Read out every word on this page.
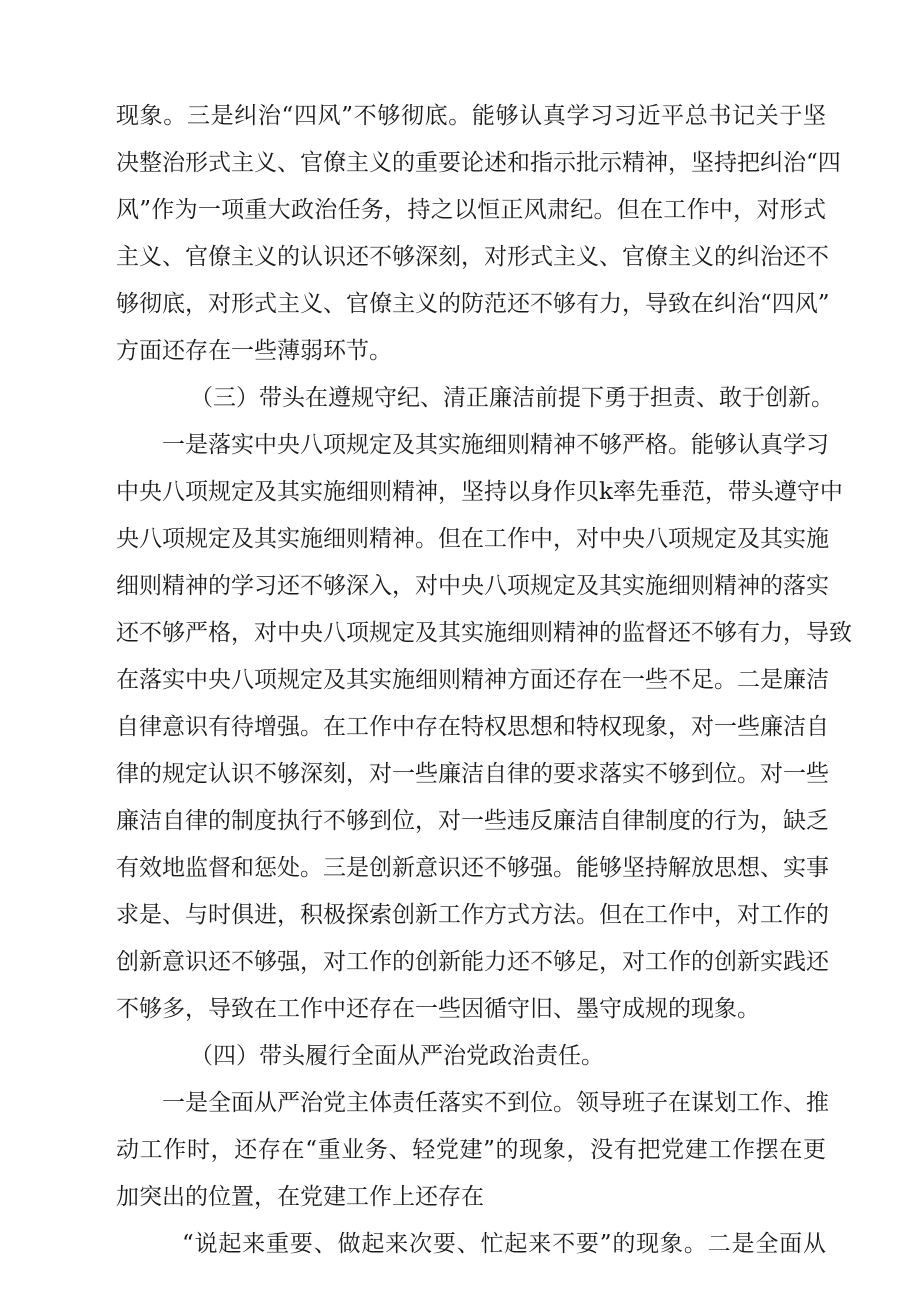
现象。三是纠治“四风”不够彻底。能够认真学习习近平总书记关于坚
决整治形式主义、官僚主义的重要论述和指示批示精神，坚持把纠治“四
风”作为一项重大政治任务，持之以恒正风肃纪。但在工作中，对形式
主义、官僚主义的认识还不够深刻，对形式主义、官僚主义的纠治还不
够彻底，对形式主义、官僚主义的防范还不够有力，导致在纠治“四风”
方面还存在一些薄弱环节。
（三）带头在遵规守纪、清正廉洁前提下勇于担责、敢于创新。
一是落实中央八项规定及其实施细则精神不够严格。能够认真学习
中央八项规定及其实施细则精神，坚持以身作贝k率先垂范，带头遵守中
央八项规定及其实施细则精神。但在工作中，对中央八项规定及其实施
细则精神的学习还不够深入，对中央八项规定及其实施细则精神的落实
还不够严格，对中央八项规定及其实施细则精神的监督还不够有力，导致
在落实中央八项规定及其实施细则精神方面还存在一些不足。二是廉洁
自律意识有待增强。在工作中存在特权思想和特权现象，对一些廉洁自
律的规定认识不够深刻，对一些廉洁自律的要求落实不够到位。对一些
廉洁自律的制度执行不够到位，对一些违反廉洁自律制度的行为，缺乏
有效地监督和惩处。三是创新意识还不够强。能够坚持解放思想、实事
求是、与时俱进，积极探索创新工作方式方法。但在工作中，对工作的
创新意识还不够强，对工作的创新能力还不够足，对工作的创新实践还
不够多，导致在工作中还存在一些因循守旧、墨守成规的现象。
（四）带头履行全面从严治党政治责任。
一是全面从严治党主体责任落实不到位。领导班子在谋划工作、推
动工作时，还存在“重业务、轻党建”的现象，没有把党建工作摆在更
加突出的位置，在党建工作上还存在
“说起来重要、做起来次要、忙起来不要”的现象。二是全面从
